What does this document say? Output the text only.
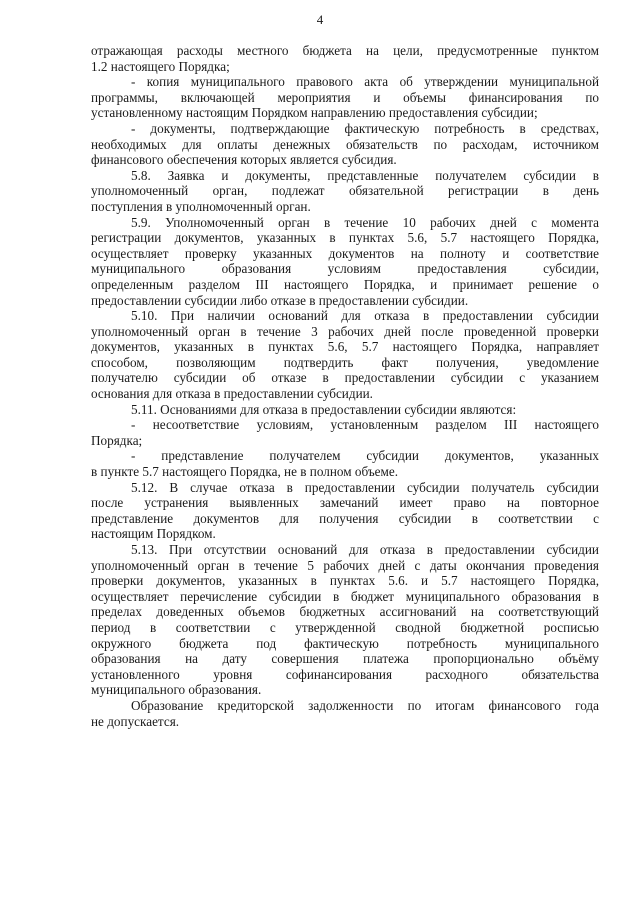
4
отражающая расходы местного бюджета на цели, предусмотренные пунктом
1.2 настоящего Порядка;
- копия муниципального правового акта об утверждении муниципальной
программы, включающей мероприятия и объемы финансирования по
установленному настоящим Порядком направлению предоставления субсидии;
- документы, подтверждающие фактическую потребность в средствах,
необходимых для оплаты денежных обязательств по расходам, источником
финансового обеспечения которых является субсидия.
5.8. Заявка и документы, представленные получателем субсидии в
уполномоченный орган, подлежат обязательной регистрации в день
поступления в уполномоченный орган.
5.9. Уполномоченный орган в течение 10 рабочих дней с момента
регистрации документов, указанных в пунктах 5.6, 5.7 настоящего Порядка,
осуществляет проверку указанных документов на полноту и соответствие
муниципального образования условиям предоставления субсидии,
определенным разделом III настоящего Порядка, и принимает решение о
предоставлении субсидии либо отказе в предоставлении субсидии.
5.10. При наличии оснований для отказа в предоставлении субсидии
уполномоченный орган в течение 3 рабочих дней после проведенной проверки
документов, указанных в пунктах 5.6, 5.7 настоящего Порядка, направляет
способом, позволяющим подтвердить факт получения, уведомление
получателю субсидии об отказе в предоставлении субсидии с указанием
основания для отказа в предоставлении субсидии.
5.11. Основаниями для отказа в предоставлении субсидии являются:
- несоответствие условиям, установленным разделом III настоящего
Порядка;
- представление получателем субсидии документов, указанных
в пункте 5.7 настоящего Порядка, не в полном объеме.
5.12. В случае отказа в предоставлении субсидии получатель субсидии
после устранения выявленных замечаний имеет право на повторное
представление документов для получения субсидии в соответствии с
настоящим Порядком.
5.13. При отсутствии оснований для отказа в предоставлении субсидии
уполномоченный орган в течение 5 рабочих дней с даты окончания проведения
проверки документов, указанных в пунктах 5.6. и 5.7 настоящего Порядка,
осуществляет перечисление субсидии в бюджет муниципального образования в
пределах доведенных объемов бюджетных ассигнований на соответствующий
период в соответствии с утвержденной сводной бюджетной росписью
окружного бюджета под фактическую потребность муниципального
образования на дату совершения платежа пропорционально объёму
установленного уровня софинансирования расходного обязательства
муниципального образования.
Образование кредиторской задолженности по итогам финансового года
не допускается.
